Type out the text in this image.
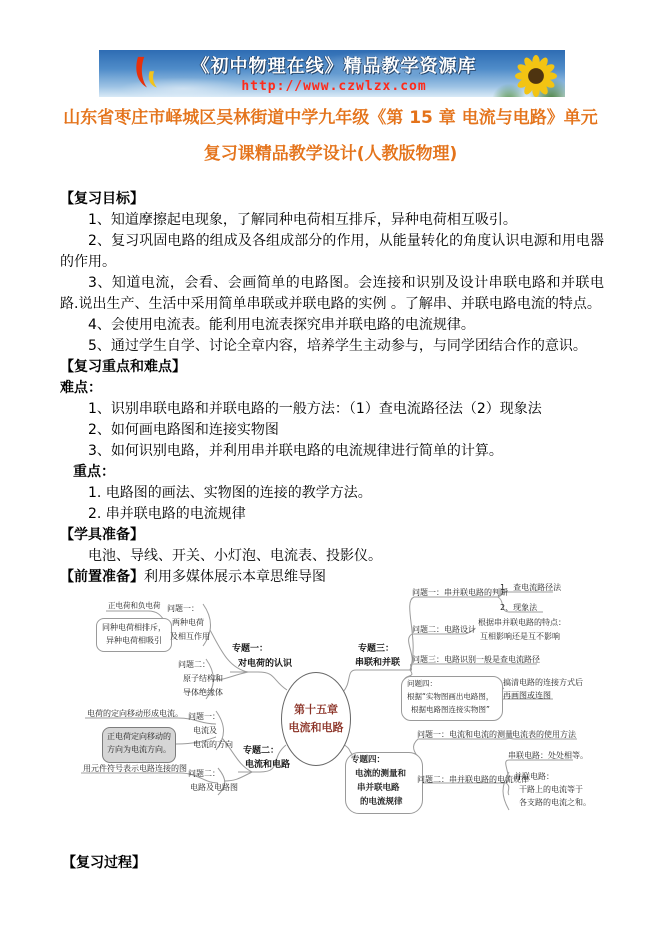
《初中物理在线》精品教学资源库
http://www.czwlzx.com
山东省枣庄市峄城区吴林街道中学九年级《第 15 章 电流与电路》单元复习课精品教学设计(人教版物理)

【复习目标】

1、知道摩擦起电现象，了解同种电荷相互排斥，异种电荷相互吸引。

2、复习巩固电路的组成及各组成部分的作用，从能量转化的角度认识电源和用电器的作用。

3、知道电流，会看、会画简单的电路图。会连接和识别及设计串联电路和并联电路.说出生产、生活中采用简单串联或并联电路的实例 。了解串、并联电路电流的特点。

4、会使用电流表。能利用电流表探究串并联电路的电流规律。

5、通过学生自学、讨论全章内容，培养学生主动参与，与同学团结合作的意识。

【复习重点和难点】

难点：

1、识别串联电路和并联电路的一般方法：（1）查电流路径法（2）现象法

2、如何画电路图和连接实物图

3、如何识别电路，并利用串并联电路的电流规律进行简单的计算。

重点：

1. 电路图的画法、实物图的连接的教学方法。

2. 串并联电路的电流规律

【学具准备】

电池、导线、开关、小灯泡、电流表、投影仪。

【前置准备】利用多媒体展示本章思维导图

正电荷和负电荷
同种电荷相排斥，
异种电荷相吸引
问题一：
两种电荷
及相互作用
问题二：
原子结构和
导体绝缘体
专题一：
对电荷的认识
电荷的定向移动形成电流。
正电荷定向移动的
方向为电流方向。
用元件符号表示电路连接的图
问题一：
电流及
电流的方向
问题二：
电路及电路图
专题二：
电流和电路
第十五章
电流和电路
专题三：
串联和并联
问题一：串并联电路的判断
1、查电流路径法
2、现象法
问题二：电路设计
根据串并联电路的特点：
互相影响还是互不影响
问题三：电路识别 一般是查电流路径
问题四：
根据“实物图画出电路图，
根据电路图连接实物图”
搞清电路的连接方式后
再画图或连图
问题一：电流和电流的测量 电流表的使用方法
专题四：
电流的测量和
串并联电路
的电流规律
问题二：串并联电路的电流规律
串联电路：处处相等。
并联电路：
干路上的电流等于
各支路的电流之和。

【复习过程】
